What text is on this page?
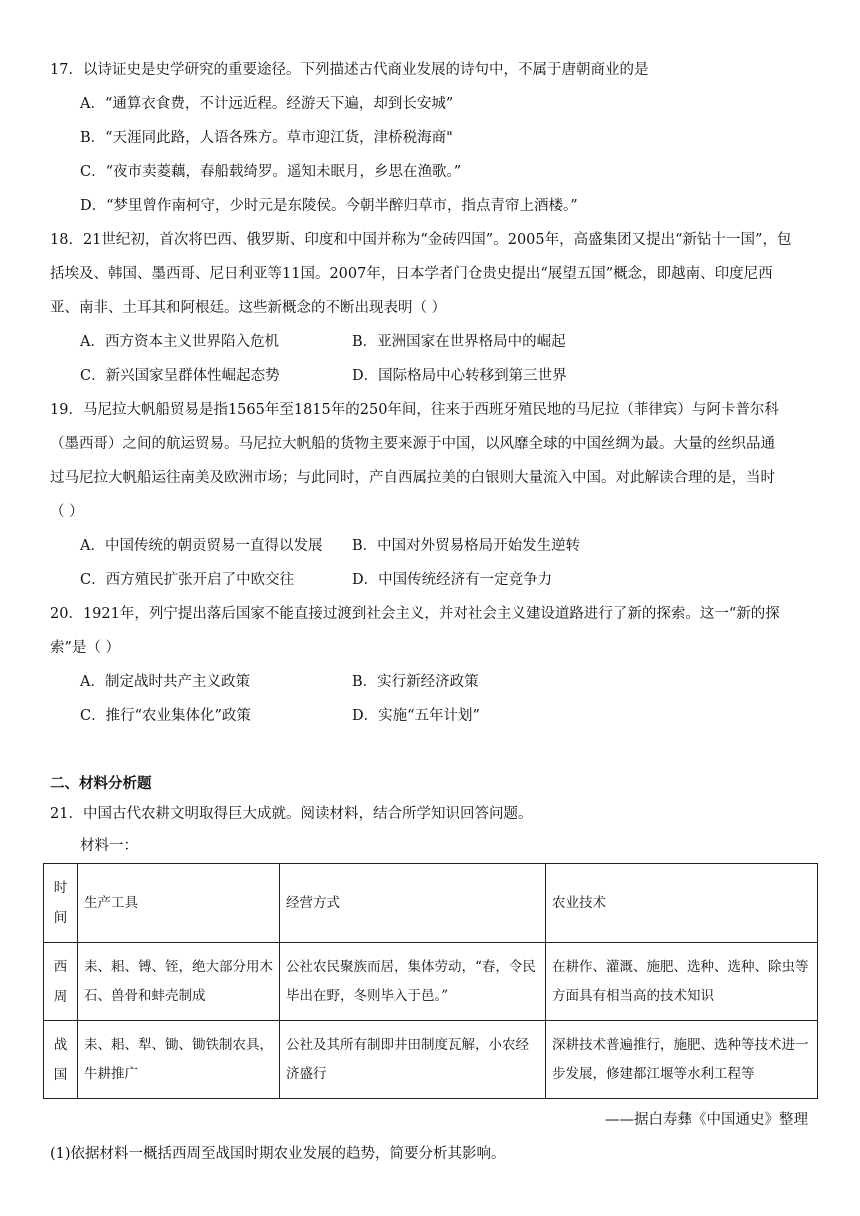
17．以诗证史是史学研究的重要途径。下列描述古代商业发展的诗句中，不属于唐朝商业的是
A．“通算衣食费，不计远近程。经游天下遍，却到长安城”
B．“天涯同此路，人语各殊方。草市迎江货，津桥税海商"
C．“夜市卖菱藕，春船载绮罗。遥知未眠月，乡思在渔歌。”
D．“梦里曾作南柯守，少时元是东陵侯。今朝半醉归草市，指点青帘上酒楼。”
18．21世纪初，首次将巴西、俄罗斯、印度和中国并称为“金砖四国”。2005年，高盛集团又提出“新钻十一国”，包
括埃及、韩国、墨西哥、尼日利亚等11国。2007年，日本学者门仓贵史提出“展望五国”概念，即越南、印度尼西
亚、南非、土耳其和阿根廷。这些新概念的不断出现表明（ ）
A．西方资本主义世界陷入危机	B．亚洲国家在世界格局中的崛起
C．新兴国家呈群体性崛起态势	D．国际格局中心转移到第三世界
19．马尼拉大帆船贸易是指1565年至1815年的250年间，往来于西班牙殖民地的马尼拉（菲律宾）与阿卡普尔科
（墨西哥）之间的航运贸易。马尼拉大帆船的货物主要来源于中国，以风靡全球的中国丝绸为最。大量的丝织品通
过马尼拉大帆船运往南美及欧洲市场；与此同时，产自西属拉美的白银则大量流入中国。对此解读合理的是，当时
（ ）
A．中国传统的朝贡贸易一直得以发展 B．中国对外贸易格局开始发生逆转
C．西方殖民扩张开启了中欧交往	D．中国传统经济有一定竞争力
20．1921年，列宁提出落后国家不能直接过渡到社会主义，并对社会主义建设道路进行了新的探索。这一“新的探
索”是（ ）
A．制定战时共产主义政策	B．实行新经济政策
C．推行“农业集体化”政策	D．实施“五年计划”
二、材料分析题
21．中国古代农耕文明取得巨大成就。阅读材料，结合所学知识回答问题。
材料一：
时
间	生产工具	经营方式	农业技术

西
周	耒、耜、镈、铚，绝大部分用木石、兽骨和蚌壳制成	公社农民聚族而居，集体劳动，“春，令民毕出在野，冬则毕入于邑。”	在耕作、灌溉、施肥、选种、选种、除虫等方面具有相当高的技术知识

战
国	耒、耜、犁、锄、锄铁制农具，牛耕推广	公社及其所有制即井田制度瓦解，小农经济盛行	深耕技术普遍推行，施肥、选种等技术进一步发展，修建都江堰等水利工程等
——据白寿彝《中国通史》整理
(1)依据材料一概括西周至战国时期农业发展的趋势，简要分析其影响。
